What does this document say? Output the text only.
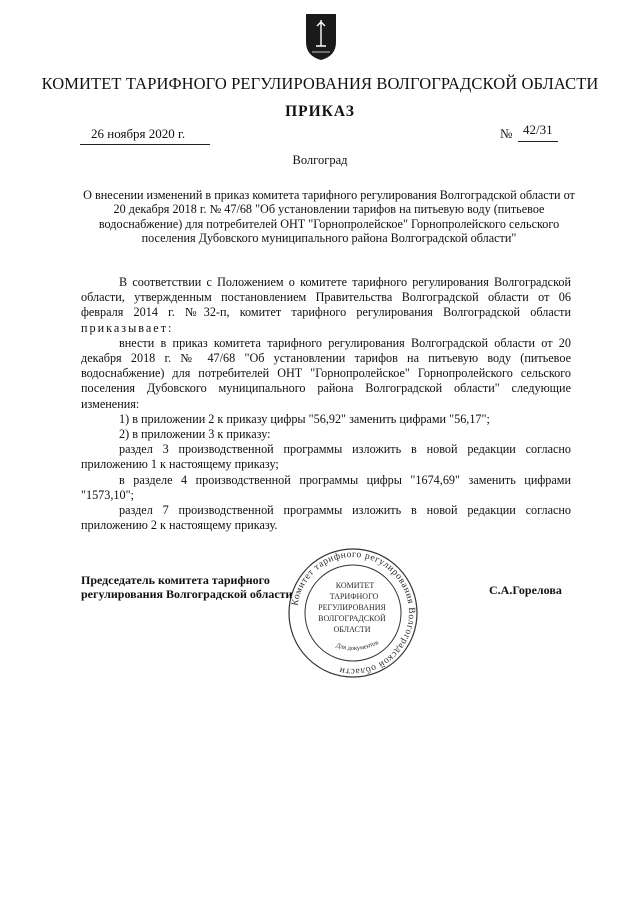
КОМИТЕТ ТАРИФНОГО РЕГУЛИРОВАНИЯ ВОЛГОГРАДСКОЙ ОБЛАСТИ
ПРИКАЗ
26 ноября 2020 г.	№ 42/31
Волгоград
О внесении изменений в приказ комитета тарифного регулирования Волгоградской области от 20 декабря 2018 г. № 47/68 "Об установлении тарифов на питьевую воду (питьевое водоснабжение) для потребителей ОНТ "Горнопролейское" Горнопролейского сельского поселения Дубовского муниципального района Волгоградской области"

В соответствии с Положением о комитете тарифного регулирования Волгоградской области, утвержденным постановлением Правительства Волгоградской области от 06 февраля 2014 г. №32-п, комитет тарифного регулирования Волгоградской области приказывает:

внести в приказ комитета тарифного регулирования Волгоградской области от 20 декабря 2018 г. № 47/68 "Об установлении тарифов на питьевую воду (питьевое водоснабжение) для потребителей ОНТ "Горнопролейское" Горнопролейского сельского поселения Дубовского муниципального района Волгоградской области" следующие изменения:

1) в приложении 2 к приказу цифры "56,92" заменить цифрами "56,17";

2) в приложении 3 к приказу:

раздел 3 производственной программы изложить в новой редакции согласно приложению 1 к настоящему приказу;

в разделе 4 производственной программы цифры "1674,69" заменить цифрами "1573,10";

раздел 7 производственной программы изложить в новой редакции согласно приложению 2 к настоящему приказу.

Комитет тарифного регулирования Волгоградской области
КОМИТЕТ
ТАРИФНОГО
РЕГУЛИРОВАНИЯ
ВОЛГОГРАДСКОЙ
ОБЛАСТИ
Для документов
Председатель комитета тарифного
регулирования Волгоградской области	С.А.Горелова
